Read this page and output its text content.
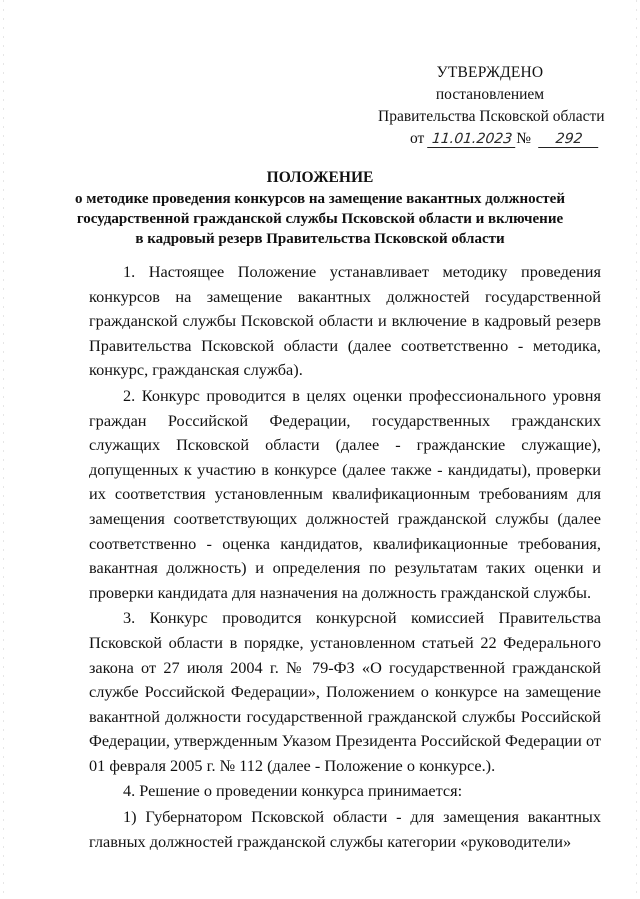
УТВЕРЖДЕНО
постановлением
Правительства Псковской области
от 11.01.2023 № 292
ПОЛОЖЕНИЕ
о методике проведения конкурсов на замещение вакантных должностей
государственной гражданской службы Псковской области и включение
в кадровый резерв Правительства Псковской области

1. Настоящее Положение устанавливает методику проведения конкурсов на замещение вакантных должностей государственной гражданской службы Псковской области и включение в кадровый резерв Правительства Псковской области (далее соответственно - методика, конкурс, гражданская служба).

2. Конкурс проводится в целях оценки профессионального уровня граждан Российской Федерации, государственных гражданских служащих Псковской области (далее - гражданские служащие), допущенных к участию в конкурсе (далее также - кандидаты), проверки их соответствия установленным квалификационным требованиям для замещения соответствующих должностей гражданской службы (далее соответственно - оценка кандидатов, квалификационные требования, вакантная должность) и определения по результатам таких оценки и проверки кандидата для назначения на должность гражданской службы.

3. Конкурс проводится конкурсной комиссией Правительства Псковской области в порядке, установленном статьей 22 Федерального закона от 27 июля 2004 г. № 79-ФЗ «О государственной гражданской службе Российской Федерации», Положением о конкурсе на замещение вакантной должности государственной гражданской службы Российской Федерации, утвержденным Указом Президента Российской Федерации от 01 февраля 2005 г. № 112 (далее - Положение о конкурсе.).

4. Решение о проведении конкурса принимается:

1) Губернатором Псковской области - для замещения вакантных главных должностей гражданской службы категории «руководители»
